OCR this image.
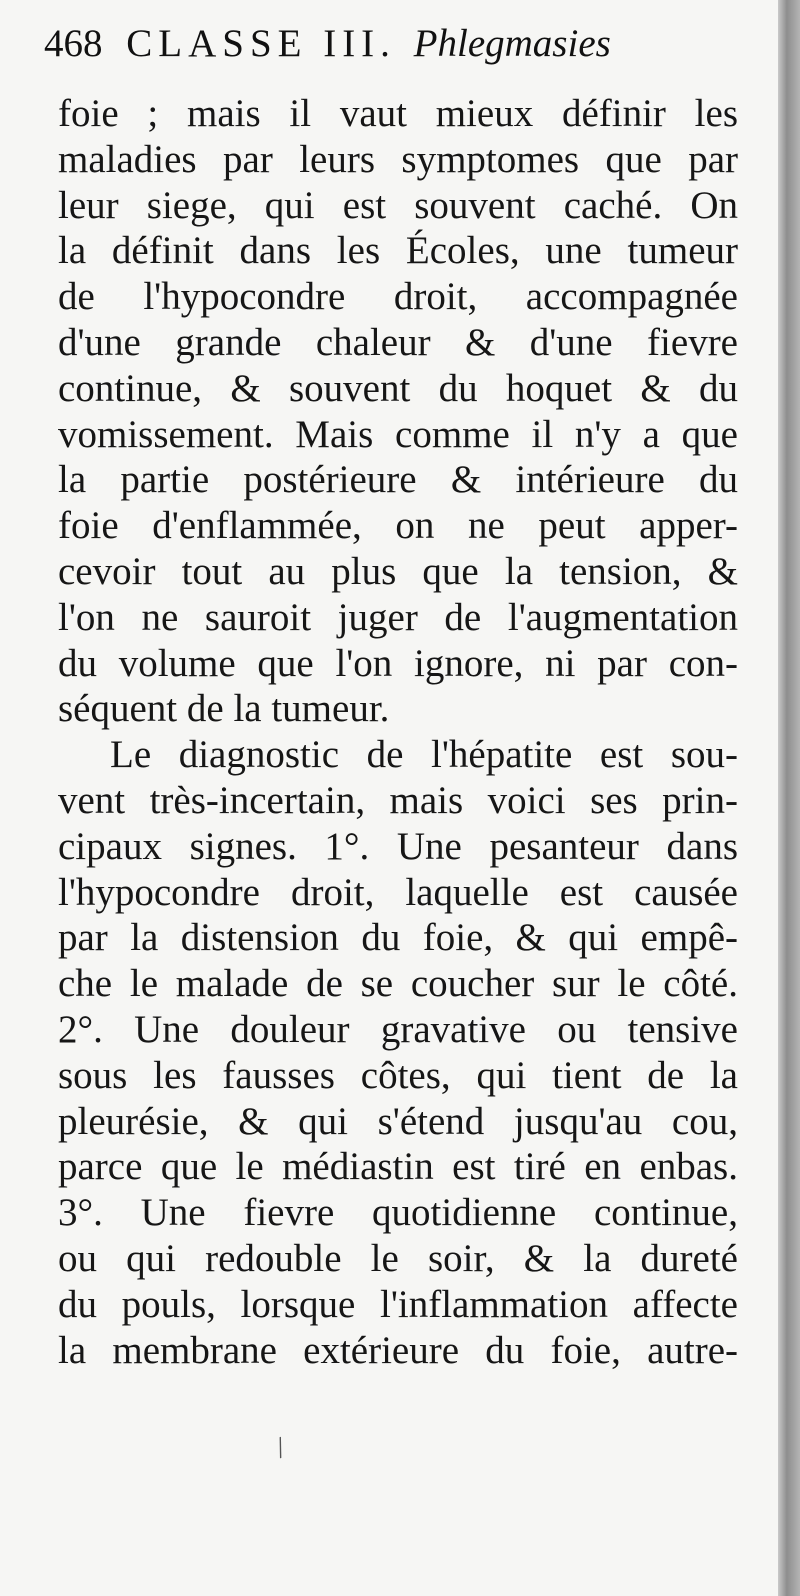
468 CLASSE III. Phlegmasies
foie ; mais il vaut mieux définir les
maladies par leurs symptomes que par
leur siege, qui est souvent caché. On
la définit dans les Écoles, une tumeur
de l'hypocondre droit, accompagnée
d'une grande chaleur & d'une fievre
continue, & souvent du hoquet & du
vomissement. Mais comme il n'y a que
la partie postérieure & intérieure du
foie d'enflammée, on ne peut apper-
cevoir tout au plus que la tension, &
l'on ne sauroit juger de l'augmentation
du volume que l'on ignore, ni par con-
séquent de la tumeur.
Le diagnostic de l'hépatite est sou-
vent très-incertain, mais voici ses prin-
cipaux signes. 1°. Une pesanteur dans
l'hypocondre droit, laquelle est causée
par la distension du foie, & qui empê-
che le malade de se coucher sur le côté.
2°. Une douleur gravative ou tensive
sous les fausses côtes, qui tient de la
pleurésie, & qui s'étend jusqu'au cou,
parce que le médiastin est tiré en enbas.
3°. Une fievre quotidienne continue,
ou qui redouble le soir, & la dureté
du pouls, lorsque l'inflammation affecte
la membrane extérieure du foie, autre-
/
